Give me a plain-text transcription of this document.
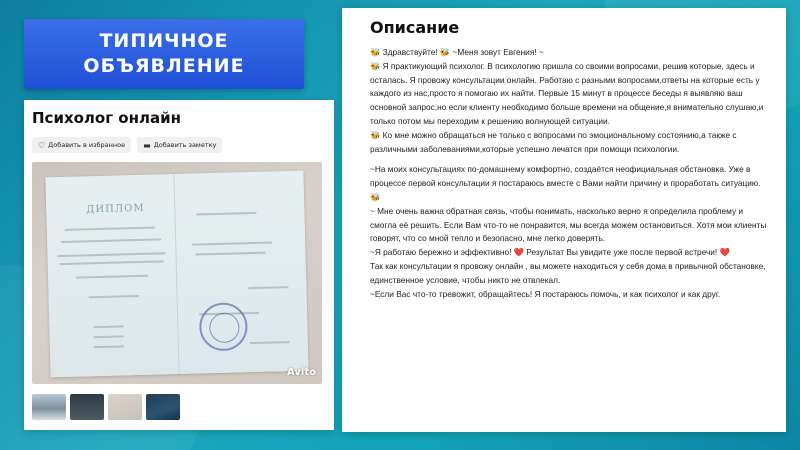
ТИПИЧНОЕ
ОБЪЯВЛЕНИЕ
Психолог онлайн
♡ Добавить в избранное ▬ Добавить заметку
ДИПЛОМ
Avito
Описание

🐝 Здравствуйте! 🐝 ~Меня зовут Евгения! ~

🐝 Я практикующий психолог. В психологию пришла со своими вопросами, решив которые, здесь и осталась. Я провожу консультации онлайн. Работаю с разными вопросами,ответы на которые есть у каждого из нас,просто я помогаю их найти. Первые 15 минут в процессе беседы я выявляю ваш основной запрос,но если клиенту необходимо больше времени на общение,я внимательно слушаю,и только потом мы переходим к решению волнующей ситуации.

🐝 Ко мне можно обращаться не только с вопросами по эмоциональному состоянию,а также с различными заболеваниями,которые успешно лечатся при помощи психологии.

~На моих консультациях по-домашнему комфортно, создаётся неофициальная обстановка. Уже в процессе первой консультации я постараюсь вместе с Вами найти причину и проработать ситуацию. 🐝

~ Мне очень важна обратная связь, чтобы понимать, насколько верно я определила проблему и смогла её решить. Если Вам что-то не понравится, мы всегда можем остановиться. Хотя мои клиенты говорят, что со мной тепло и безопасно, мне легко доверять.

~Я работаю бережно и эффективно! ❤️ Результат Вы увидите уже после первой встречи! ❤️

Так как консультации я провожу онлайн , вы можете находиться у себя дома в привычной обстановке, единственное условие, чтобы никто не отвлекал.

~Если Вас что-то тревожит, обращайтесь! Я постараюсь помочь, и как психолог и как друг.
